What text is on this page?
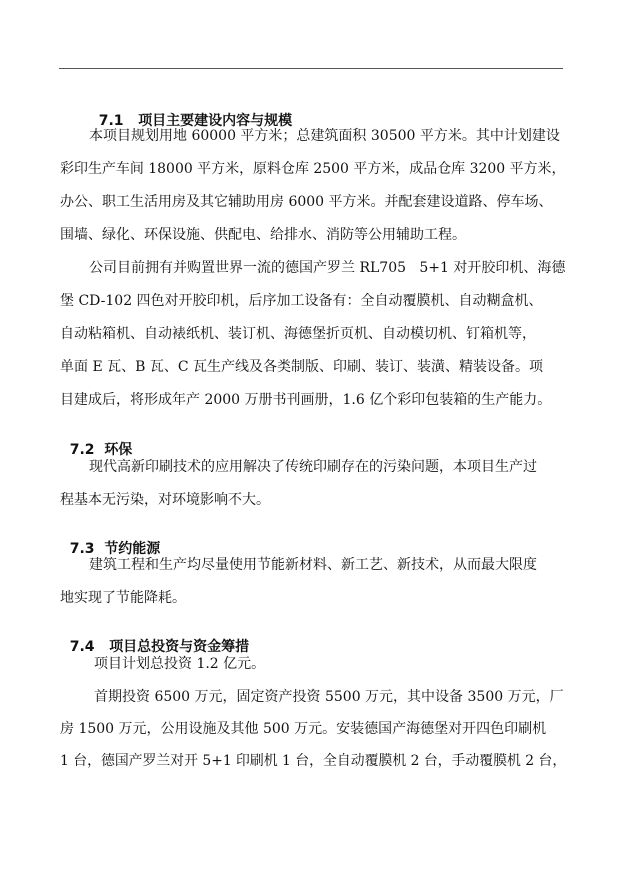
7.1 项目主要建设内容与规模

本项目规划用地 60000 平方米；总建筑面积 30500 平方米。其中计划建设
彩印生产车间 18000 平方米，原料仓库 2500 平方米，成品仓库 3200 平方米，
办公、职工生活用房及其它辅助用房 6000 平方米。并配套建设道路、停车场、
围墙、绿化、环保设施、供配电、给排水、消防等公用辅助工程。
公司目前拥有并购置世界一流的德国产罗兰 RL705   5+1 对开胶印机、海德
堡 CD-102 四色对开胶印机，后序加工设备有：全自动覆膜机、自动糊盒机、
自动粘箱机、自动裱纸机、装订机、海德堡折页机、自动模切机、钉箱机等，
单面 E 瓦、B 瓦、C 瓦生产线及各类制版、印刷、装订、装潢、精装设备。项
目建成后，将形成年产 2000 万册书刊画册，1.6 亿个彩印包装箱的生产能力。

7.2 环保

现代高新印刷技术的应用解决了传统印刷存在的污染问题，本项目生产过
程基本无污染，对环境影响不大。

7.3 节约能源

建筑工程和生产均尽量使用节能新材料、新工艺、新技术，从而最大限度
地实现了节能降耗。

7.4 项目总投资与资金筹措

项目计划总投资 1.2 亿元。
首期投资 6500 万元，固定资产投资 5500 万元，其中设备 3500 万元，厂
房 1500 万元，公用设施及其他 500 万元。安装德国产海德堡对开四色印刷机
1 台，德国产罗兰对开 5+1 印刷机 1 台，全自动覆膜机 2 台，手动覆膜机 2 台，
